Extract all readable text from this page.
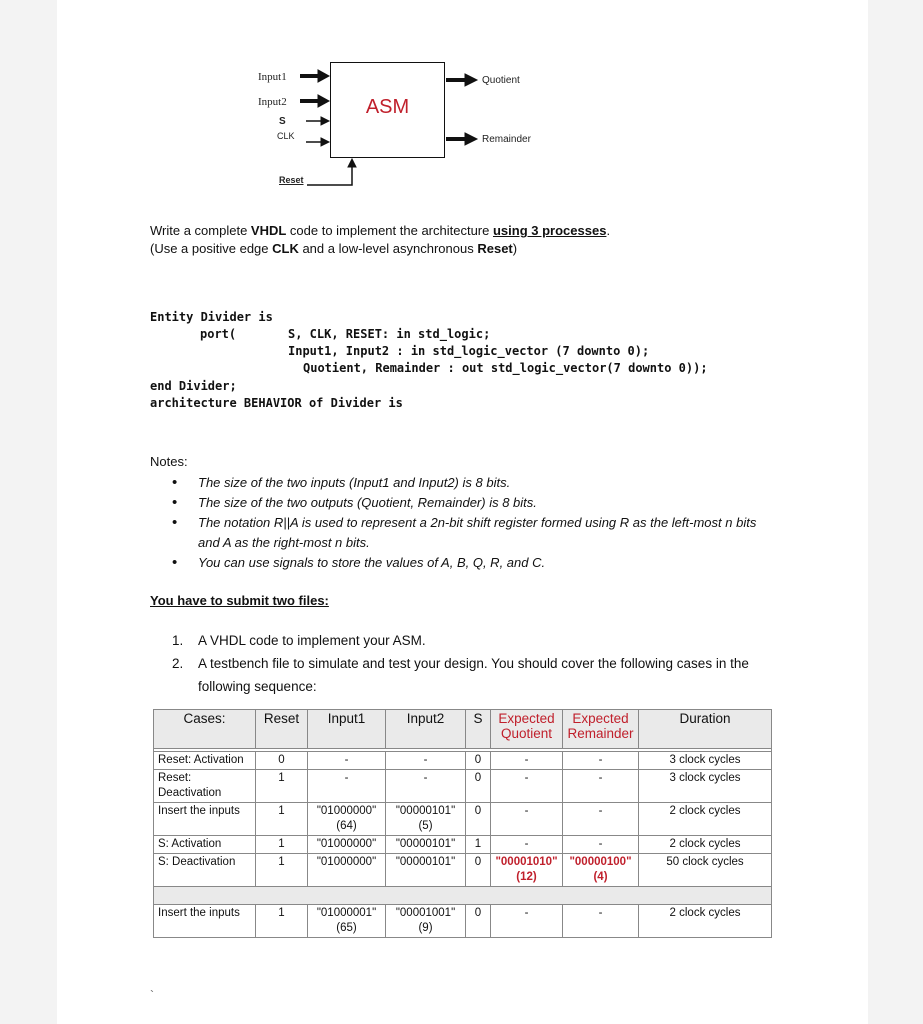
ASM
Input1
Input2
S
CLK
Reset
Quotient
Remainder
Write a complete VHDL code to implement the architecture using 3 processes.
(Use a positive edge CLK and a low-level asynchronous Reset)
Entity Divider is
port(	S, CLK, RESET: in std_logic;
Input1, Input2 : in std_logic_vector (7 downto 0);
Quotient, Remainder : out std_logic_vector(7 downto 0));
end Divider;
architecture BEHAVIOR of Divider is
Notes:
• The size of the two inputs (Input1 and Input2) is 8 bits.
• The size of the two outputs (Quotient, Remainder) is 8 bits.
• The notation R||A is used to represent a 2n-bit shift register formed using R as the left-most n bits and A as the right-most n bits.
• You can use signals to store the values of A, B, Q, R, and C.
You have to submit two files:
1. A VHDL code to implement your ASM.
2. A testbench file to simulate and test your design. You should cover the following cases in the following sequence:
Cases:	Reset	Input1	Input2	S	Expected Quotient	Expected Remainder	Duration

Reset: Activation	0	-	-	0	-	-	3 clock cycles
Reset: Deactivation	1	-	-	0	-	-	3 clock cycles
Insert the inputs	1	"01000000" (64)	"00000101" (5)	0	-	-	2 clock cycles
S: Activation	1	"01000000"	"00000101"	1	-	-	2 clock cycles
S: Deactivation	1	"01000000"	"00000101"	0	"00001010" (12)	"00000100" (4)	50 clock cycles

Insert the inputs	1	"01000001" (65)	"00001001" (9)	0	-	-	2 clock cycles
`
